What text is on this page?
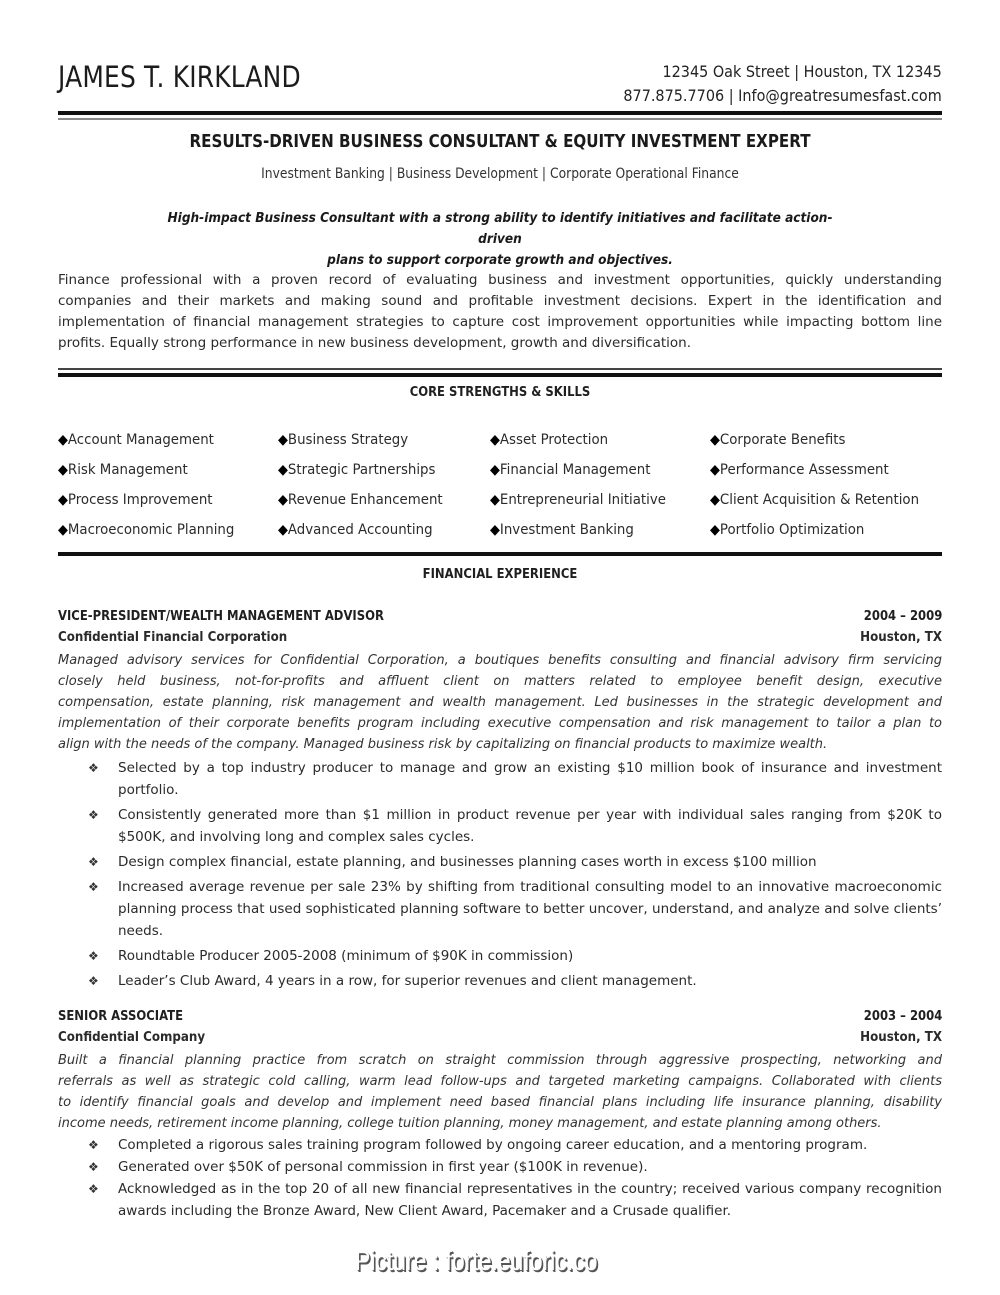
JAMES T. KIRKLAND	12345 Oak Street | Houston, TX 12345
877.875.7706 | Info@greatresumesfast.com
RESULTS-DRIVEN BUSINESS CONSULTANT & EQUITY INVESTMENT EXPERT
Investment Banking | Business Development | Corporate Operational Finance
High-impact Business Consultant with a strong ability to identify initiatives and facilitate action-driven
plans to support corporate growth and objectives.
Finance professional with a proven record of evaluating business and investment opportunities, quickly understanding
companies and their markets and making sound and profitable investment decisions. Expert in the identification and
implementation of financial management strategies to capture cost improvement opportunities while impacting bottom line
profits. Equally strong performance in new business development, growth and diversification.
CORE STRENGTHS & SKILLS
◆Account Management	◆Business Strategy	◆Asset Protection	◆Corporate Benefits
◆Risk Management	◆Strategic Partnerships	◆Financial Management	◆Performance Assessment
◆Process Improvement	◆Revenue Enhancement	◆Entrepreneurial Initiative	◆Client Acquisition & Retention
◆Macroeconomic Planning	◆Advanced Accounting	◆Investment Banking	◆Portfolio Optimization
FINANCIAL EXPERIENCE
VICE-PRESIDENT/WEALTH MANAGEMENT ADVISOR	2004 – 2009
Confidential Financial Corporation	Houston, TX
Managed advisory services for Confidential Corporation, a boutiques benefits consulting and financial advisory firm servicing
closely held business, not-for-profits and affluent client on matters related to employee benefit design, executive
compensation, estate planning, risk management and wealth management. Led businesses in the strategic development and
implementation of their corporate benefits program including executive compensation and risk management to tailor a plan to
align with the needs of the company. Managed business risk by capitalizing on financial products to maximize wealth.
❖ Selected by a top industry producer to manage and grow an existing $10 million book of insurance and investment portfolio.
❖ Consistently generated more than $1 million in product revenue per year with individual sales ranging from $20K to $500K, and involving long and complex sales cycles.
❖ Design complex financial, estate planning, and businesses planning cases worth in excess $100 million
❖ Increased average revenue per sale 23% by shifting from traditional consulting model to an innovative macroeconomic planning process that used sophisticated planning software to better uncover, understand, and analyze and solve clients’ needs.
❖ Roundtable Producer 2005-2008 (minimum of $90K in commission)
❖ Leader’s Club Award, 4 years in a row, for superior revenues and client management.
SENIOR ASSOCIATE	2003 – 2004
Confidential Company	Houston, TX
Built a financial planning practice from scratch on straight commission through aggressive prospecting, networking and
referrals as well as strategic cold calling, warm lead follow-ups and targeted marketing campaigns. Collaborated with clients
to identify financial goals and develop and implement need based financial plans including life insurance planning, disability
income needs, retirement income planning, college tuition planning, money management, and estate planning among others.
❖ Completed a rigorous sales training program followed by ongoing career education, and a mentoring program.
❖ Generated over $50K of personal commission in first year ($100K in revenue).
❖ Acknowledged as in the top 20 of all new financial representatives in the country; received various company recognition awards including the Bronze Award, New Client Award, Pacemaker and a Crusade qualifier.
Picture : forte.euforic.co
